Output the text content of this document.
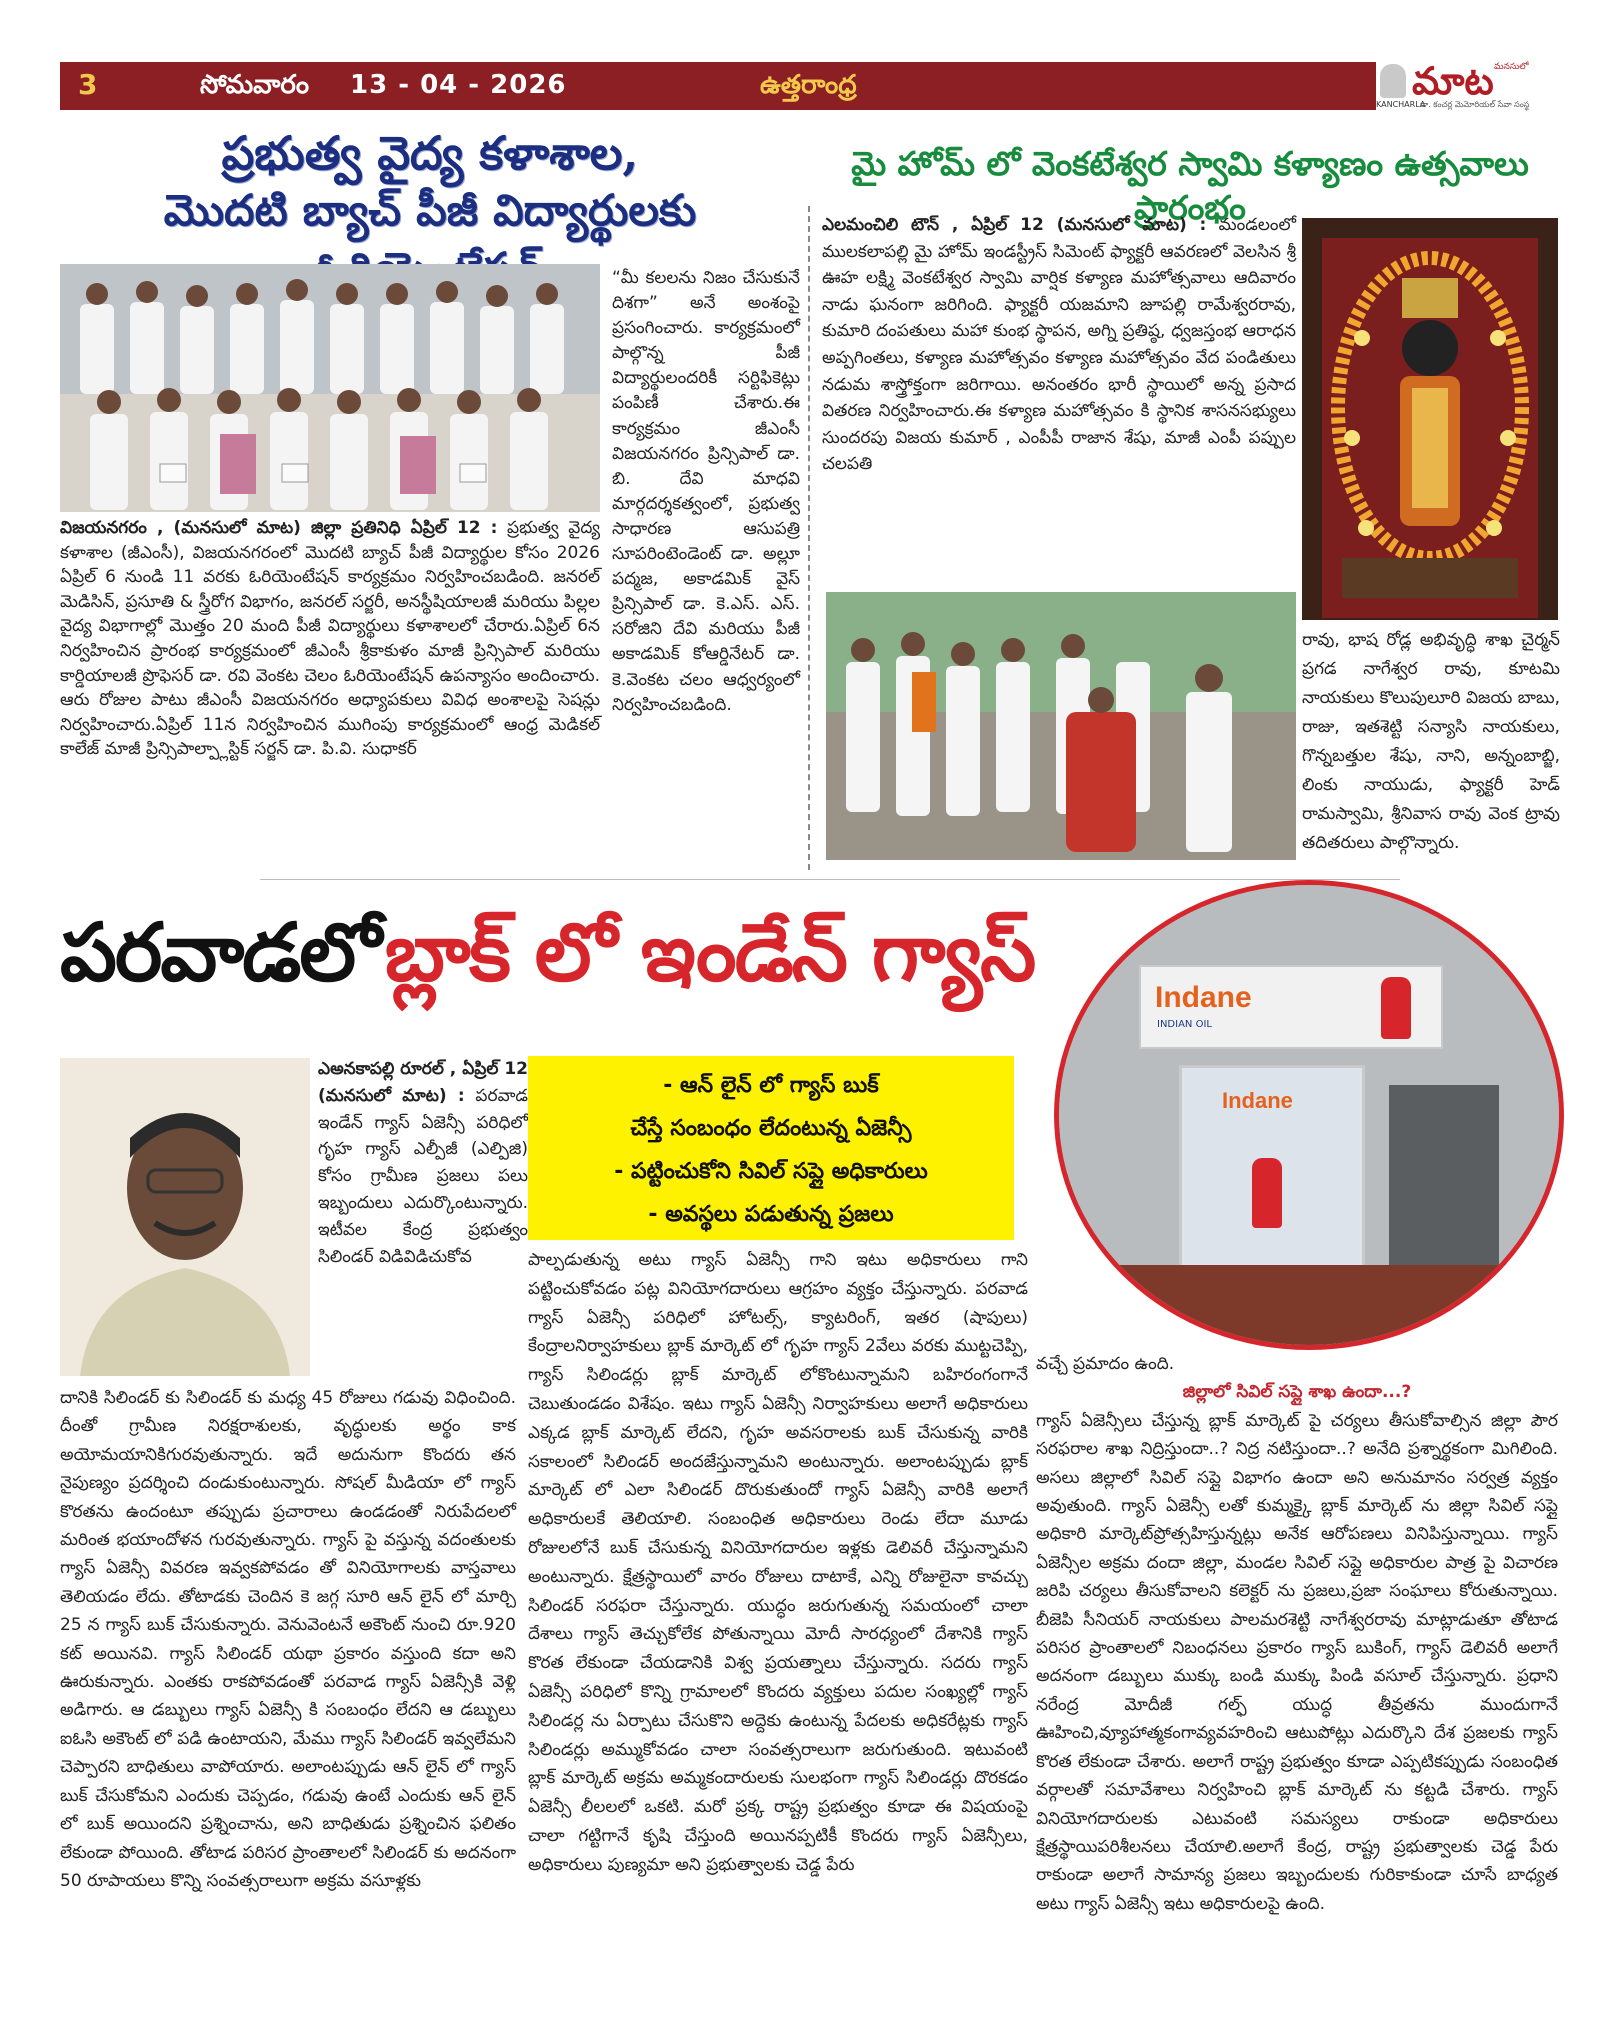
3	సోమవారం 13 - 04 - 2026	ఉత్తరాంధ్ర	మాట మనసులో
KANCHARLA
డా. కంచర్ల మెమోరియల్ సేవా సంస్థ
ప్రభుత్వ వైద్య కళాశాల,
మొదటి బ్యాచ్ పీజీ విద్యార్థులకు
“మీ కలలను నిజం చేసుకునే దిశగా” అనే అంశంపై ప్రసంగించారు. కార్యక్రమంలో పాల్గొన్న పీజీ విద్యార్థులందరికీ సర్టిఫికెట్లు పంపిణీ చేశారు.ఈ కార్యక్రమం జీఎంసీ విజయనగరం ప్రిన్సిపాల్ డా. బి. దేవి మాధవి మార్గదర్శకత్వంలో, ప్రభుత్వ సాధారణ ఆసుపత్రి సూపరింటెండెంట్ డా. అల్లూ పద్మజ, అకాడమిక్ వైస్ ప్రిన్సిపాల్ డా. కె.ఎస్. ఎస్. సరోజిని దేవి మరియు పీజీ అకాడమిక్ కోఆర్డినేటర్ డా. కె.వెంకట చలం ఆధ్వర్యంలో నిర్వహించబడింది.
విజయనగరం , (మనసులో మాట) జిల్లా ప్రతినిధి ఏప్రిల్ 12 : ప్రభుత్వ వైద్య కళాశాల (జీఎంసీ), విజయనగరంలో మొదటి బ్యాచ్ పీజీ విద్యార్థుల కోసం 2026 ఏప్రిల్ 6 నుండి 11 వరకు ఓరియెంటేషన్ కార్యక్రమం నిర్వహించబడింది. జనరల్ మెడిసిన్, ప్రసూతి & స్త్రీరోగ విభాగం, జనరల్ సర్జరీ, అనస్థీషియాలజీ మరియు పిల్లల వైద్య విభాగాల్లో మొత్తం 20 మంది పీజీ విద్యార్థులు కళాశాలలో చేరారు.ఏప్రిల్ 6న నిర్వహించిన ప్రారంభ కార్యక్రమంలో జీఎంసీ శ్రీకాకుళం మాజీ ప్రిన్సిపాల్ మరియు కార్డియాలజీ ప్రొఫెసర్ డా. రవి వెంకట చెలం ఓరియెంటేషన్ ఉపన్యాసం అందించారు. ఆరు రోజుల పాటు జీఎంసీ విజయనగరం అధ్యాపకులు వివిధ అంశాలపై సెషన్లు నిర్వహించారు.ఏప్రిల్ 11న నిర్వహించిన ముగింపు కార్యక్రమంలో ఆంధ్ర మెడికల్ కాలేజ్ మాజీ ప్రిన్సిపాల్ప్లాస్టిక్ సర్జన్ డా. పి.వి. సుధాకర్
మై హోమ్ లో వెంకటేశ్వర స్వామి కళ్యాణం ఉత్సవాలు ప్రారంభం
ఎలమంచిలి టౌన్ , ఏప్రిల్ 12 (మనసులో మాట) : మండలంలో ములకలాపల్లి మై హోమ్ ఇండస్ట్రీస్ సిమెంట్ ఫ్యాక్టరీ ఆవరణలో వెలసిన శ్రీ ఊహ లక్ష్మి వెంకటేశ్వర స్వామి వార్షిక కళ్యాణ మహోత్సవాలు ఆదివారం నాడు ఘనంగా జరిగింది. ఫ్యాక్టరీ యజమాని జూపల్లి రామేశ్వరరావు, కుమారి దంపతులు మహా కుంభ స్థాపన, అగ్ని ప్రతిష్ఠ, ధ్వజస్తంభ ఆరాధన అప్పగింతలు, కళ్యాణ మహోత్సవం కళ్యాణ మహోత్సవం వేద పండితులు నడుమ శాస్త్రోక్తంగా జరిగాయి. అనంతరం భారీ స్థాయిలో అన్న ప్రసాద వితరణ నిర్వహించారు.ఈ కళ్యాణ మహోత్సవం కి స్థానిక శాసనసభ్యులు సుందరపు విజయ కుమార్ , ఎంపీపీ రాజాన శేషు, మాజీ ఎంపీ పప్పుల చలపతి
రావు, భాష రోడ్ల అభివృద్ధి శాఖ చైర్మన్ ప్రగడ నాగేశ్వర రావు, కూటమి నాయకులు కొలుపులూరి విజయ బాబు, రాజు, ఇతశెట్టి సన్యాసి నాయకులు, గొన్నబత్తుల శేషు, నాని, అన్నంబాబ్జి, లింకు నాయుడు, ఫ్యాక్టరీ హెడ్ రామస్వామి, శ్రీనివాస రావు వెంక ట్రావు తదితరులు పాల్గొన్నారు.
పరవాడలో బ్లాక్ లో ఇండేన్ గ్యాస్	Indane
INDIAN OIL
Indane
ఎఅనకాపల్లి రూరల్ , ఏప్రిల్ 12 (మనసులో మాట) : పరవాడ ఇండేన్ గ్యాస్ ఏజెన్సీ పరిధిలో గృహ గ్యాస్ ఎల్పీజీ (ఎల్పిజి) కోసం గ్రామీణ ప్రజలు పలు ఇబ్బందులు ఎదుర్కొంటున్నారు. ఇటీవల కేంద్ర ప్రభుత్వం సిలిండర్ విడివిడిచుకోవ
- ఆన్ లైన్ లో గ్యాస్ బుక్
చేస్తే సంబంధం లేదంటున్న ఏజెన్సీ
- పట్టించుకోని సివిల్ సప్లై అధికారులు
- అవస్థలు పడుతున్న ప్రజలు
దానికి సిలిండర్ కు సిలిండర్ కు మధ్య 45 రోజులు గడువు విధించింది. దీంతో గ్రామీణ నిరక్షరాశులకు, వృద్ధులకు అర్థం కాక అయోమయానికిగురవుతున్నారు. ఇదే అదునుగా కొందరు తన నైపుణ్యం ప్రదర్శించి దండుకుంటున్నారు. సోషల్ మీడియా లో గ్యాస్ కొరతను ఉందంటూ తప్పుడు ప్రచారాలు ఉండడంతో నిరుపేదలలో మరింత భయాందోళన గురవుతున్నారు. గ్యాస్ పై వస్తున్న వదంతులకు గ్యాస్ ఏజెన్సీ వివరణ ఇవ్వకపోవడం తో వినియోగాలకు వాస్తవాలు తెలియడం లేదు. తోటాడకు చెందిన కె జగ్గ సూరి ఆన్ లైన్ లో మార్చి 25 న గ్యాస్ బుక్ చేసుకున్నారు. వెనువెంటనే అకౌంట్ నుంచి రూ.920 కట్ అయినవి. గ్యాస్ సిలిండర్ యథా ప్రకారం వస్తుంది కదా అని ఊరుకున్నారు. ఎంతకు రాకపోవడంతో పరవాడ గ్యాస్ ఏజెన్సీకి వెళ్లి అడిగారు. ఆ డబ్బులు గ్యాస్ ఏజెన్సీ కి సంబంధం లేదని ఆ డబ్బులు ఐఓసి అకౌంట్ లో పడి ఉంటాయని, మేము గ్యాస్ సిలిండర్ ఇవ్వలేమని చెప్పారని బాధితులు వాపోయారు. అలాంటప్పుడు ఆన్ లైన్ లో గ్యాస్ బుక్ చేసుకోమని ఎందుకు చెప్పడం, గడువు ఉంటే ఎందుకు ఆన్ లైన్ లో బుక్ అయిందని ప్రశ్నించాను, అని బాధితుడు ప్రశ్నించిన ఫలితం లేకుండా పోయింది. తోటాడ పరిసర ప్రాంతాలలో సిలిండర్ కు అదనంగా 50 రూపాయలు కొన్ని సంవత్సరాలుగా అక్రమ వసూళ్లకు
పాల్పడుతున్న అటు గ్యాస్ ఏజెన్సీ గాని ఇటు అధికారులు గాని పట్టించుకోవడం పట్ల వినియోగదారులు ఆగ్రహం వ్యక్తం చేస్తున్నారు. పరవాడ గ్యాస్ ఏజెన్సీ పరిధిలో హోటల్స్, క్యాటరింగ్, ఇతర (షాపులు) కేంద్రాలనిర్వాహకులు బ్లాక్ మార్కెట్ లో గృహ గ్యాస్ 2వేలు వరకు ముట్టచెప్పి, గ్యాస్ సిలిండర్లు బ్లాక్ మార్కెట్ లోకొంటున్నామని బహిరంగంగానే చెబుతుండడం విశేషం. ఇటు గ్యాస్ ఏజెన్సీ నిర్వాహకులు అలాగే అధికారులు ఎక్కడ బ్లాక్ మార్కెట్ లేదని, గృహ అవసరాలకు బుక్ చేసుకున్న వారికి సకాలంలో సిలిండర్ అందజేస్తున్నామని అంటున్నారు. అలాంటప్పుడు బ్లాక్ మార్కెట్ లో ఎలా సిలిండర్ దొరుకుతుందో గ్యాస్ ఏజెన్సీ వారికి అలాగే అధికారులకే తెలియాలి. సంబంధిత అధికారులు రెండు లేదా మూడు రోజులలోనే బుక్ చేసుకున్న వినియోగదారుల ఇళ్లకు డెలివరీ చేస్తున్నామని అంటున్నారు. క్షేత్రస్థాయిలో వారం రోజులు దాటాకే, ఎన్ని రోజులైనా కావచ్చు సిలిండర్ సరఫరా చేస్తున్నారు. యుద్ధం జరుగుతున్న సమయంలో చాలా దేశాలు గ్యాస్ తెచ్చుకోలేక పోతున్నాయి మోదీ సారధ్యంలో దేశానికి గ్యాస్ కొరత లేకుండా చేయడానికి విశ్వ ప్రయత్నాలు చేస్తున్నారు. సదరు గ్యాస్ ఏజెన్సీ పరిధిలో కొన్ని గ్రామాలలో కొందరు వ్యక్తులు పదుల సంఖ్యల్లో గ్యాస్ సిలిండర్ల ను ఏర్పాటు చేసుకొని అద్దెకు ఉంటున్న పేదలకు అధికరేట్లకు గ్యాస్ సిలిండర్లు అమ్ముకోవడం చాలా సంవత్సరాలుగా జరుగుతుంది. ఇటువంటి బ్లాక్ మార్కెట్ అక్రమ అమ్మకందారులకు సులభంగా గ్యాస్ సిలిండర్లు దొరకడం ఏజెన్సీ లీలలలో ఒకటి. మరో ప్రక్క రాష్ట్ర ప్రభుత్వం కూడా ఈ విషయంపై చాలా గట్టిగానే కృషి చేస్తుంది అయినప్పటికీ కొందరు గ్యాస్ ఏజెన్సీలు, అధికారులు పుణ్యమా అని ప్రభుత్వాలకు చెడ్డ పేరు
వచ్చే ప్రమాదం ఉంది.
జిల్లాలో సివిల్ సప్లై శాఖ ఉందా...?
గ్యాస్ ఏజెన్సీలు చేస్తున్న బ్లాక్ మార్కెట్ పై చర్యలు తీసుకోవాల్సిన జిల్లా పౌర సరఫరాల శాఖ నిద్రిస్తుందా..? నిద్ర నటిస్తుందా..? అనేది ప్రశ్నార్థకంగా మిగిలింది. అసలు జిల్లాలో సివిల్ సప్లై విభాగం ఉందా అని అనుమానం సర్వత్ర వ్యక్తం అవుతుంది. గ్యాస్ ఏజెన్సీ లతో కుమ్మక్కై బ్లాక్ మార్కెట్ ను జిల్లా సివిల్ సప్లై అధికారి మార్కెట్‌ప్రోత్సహిస్తున్నట్లు అనేక ఆరోపణలు వినిపిస్తున్నాయి. గ్యాస్ ఏజెన్సీల అక్రమ దందా జిల్లా, మండల సివిల్ సప్లై అధికారుల పాత్ర పై విచారణ జరిపి చర్యలు తీసుకోవాలని కలెక్టర్ ను ప్రజలు,ప్రజా సంఘాలు కోరుతున్నాయి. బీజెపి సీనియర్ నాయకులు పాలమరశెట్టి నాగేశ్వరరావు మాట్లాడుతూ తోటాడ పరిసర ప్రాంతాలలో నిబంధనలు ప్రకారం గ్యాస్ బుకింగ్, గ్యాస్ డెలివరీ అలాగే అదనంగా డబ్బులు ముక్కు బండి ముక్కు పిండి వసూల్ చేస్తున్నారు. ప్రధాని నరేంద్ర మోదీజీ గల్ఫ్ యుద్ధ తీవ్రతను ముందుగానే ఊహించి,వ్యూహాత్మకంగావ్యవహరించి ఆటుపోట్లు ఎదుర్కొని దేశ ప్రజలకు గ్యాస్ కొరత లేకుండా చేశారు. అలాగే రాష్ట్ర ప్రభుత్వం కూడా ఎప్పటికప్పుడు సంబంధిత వర్గాలతో సమావేశాలు నిర్వహించి బ్లాక్ మార్కెట్ ను కట్టడి చేశారు. గ్యాస్ వినియోగదారులకు ఎటువంటి సమస్యలు రాకుండా అధికారులు క్షేత్రస్థాయిపరిశీలనలు చేయాలి.అలాగే కేంద్ర, రాష్ట్ర ప్రభుత్వాలకు చెడ్డ పేరు రాకుండా అలాగే సామాన్య ప్రజలు ఇబ్బందులకు గురికాకుండా చూసే బాధ్యత అటు గ్యాస్ ఏజెన్సీ ఇటు అధికారులపై ఉంది.
